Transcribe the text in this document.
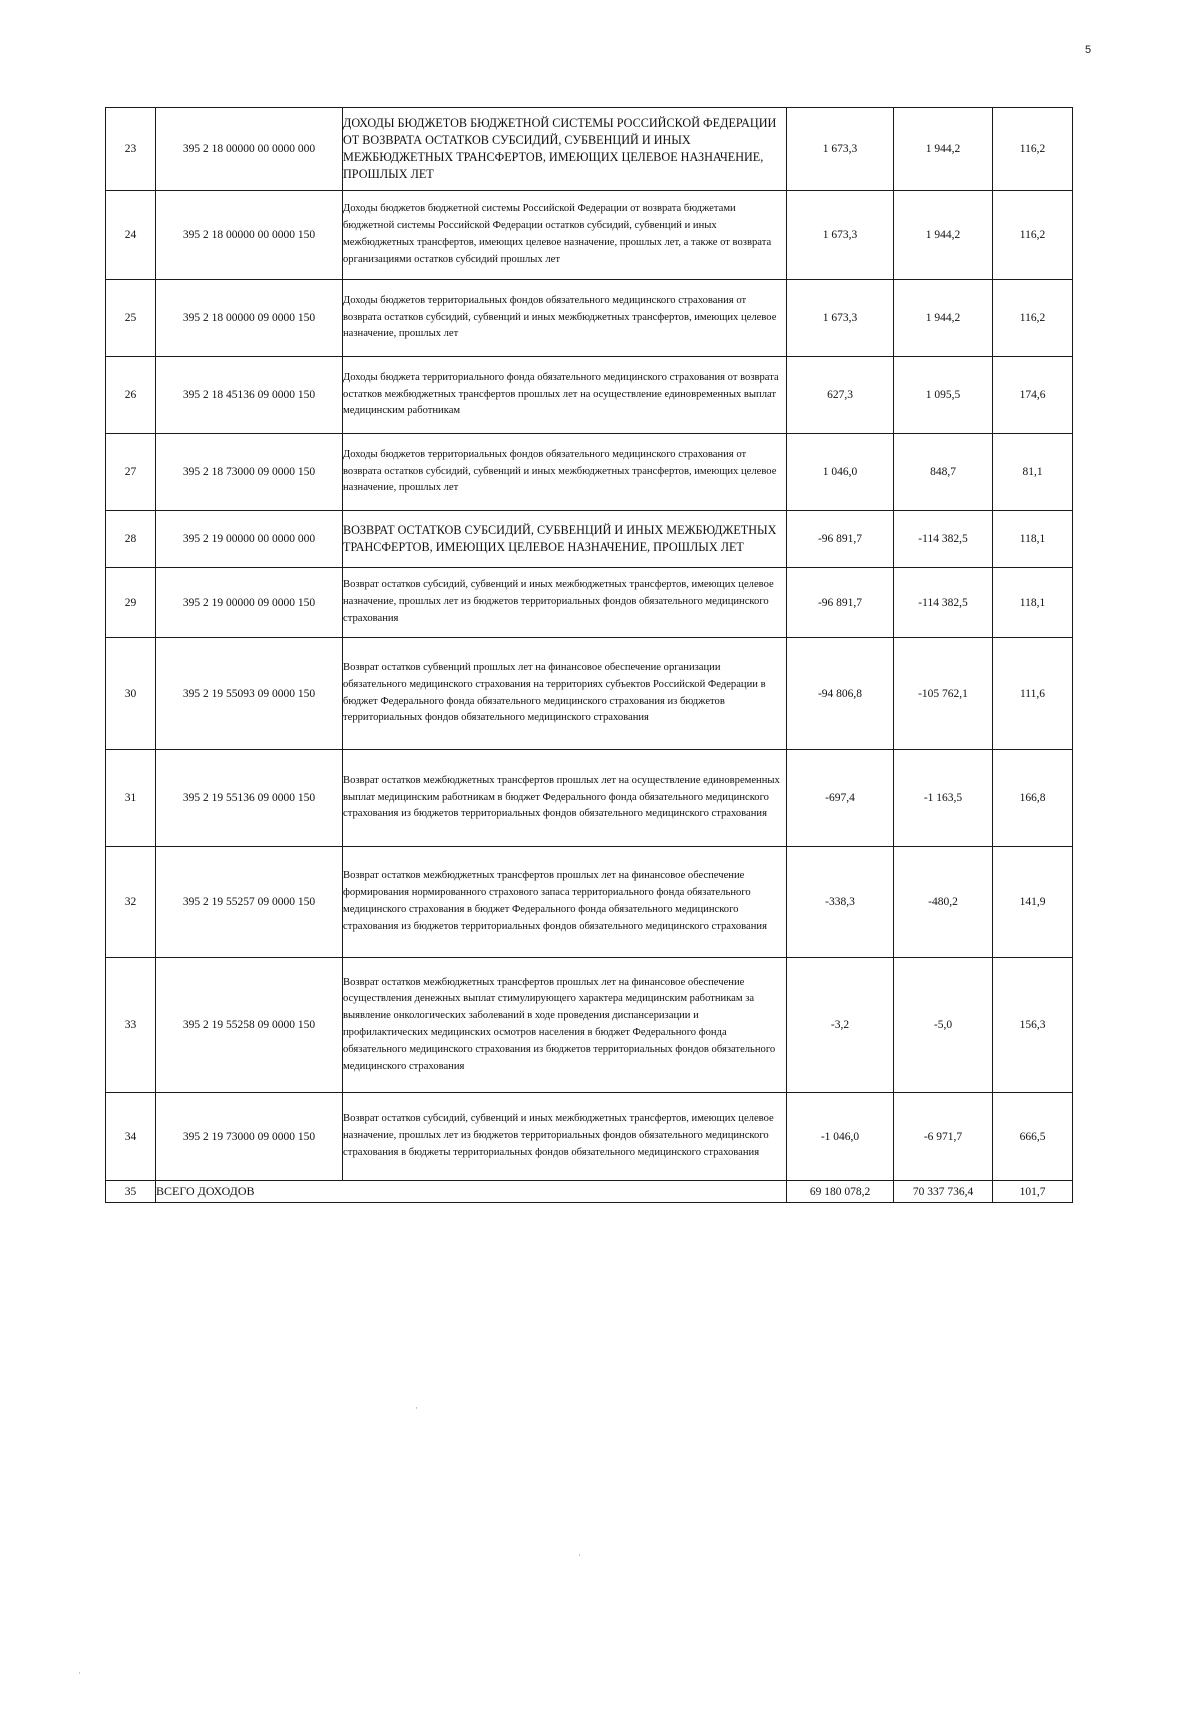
5
23	395 2 18 00000 00 0000 000	ДОХОДЫ БЮДЖЕТОВ БЮДЖЕТНОЙ СИСТЕМЫ РОССИЙСКОЙ ФЕДЕРАЦИИ ОТ ВОЗВРАТА ОСТАТКОВ СУБСИДИЙ, СУБВЕНЦИЙ И ИНЫХ МЕЖБЮДЖЕТНЫХ ТРАНСФЕРТОВ, ИМЕЮЩИХ ЦЕЛЕВОЕ НАЗНАЧЕНИЕ, ПРОШЛЫХ ЛЕТ	1 673,3	1 944,2	116,2
24	395 2 18 00000 00 0000 150	Доходы бюджетов бюджетной системы Российской Федерации от возврата бюджетами бюджетной системы Российской Федерации остатков субсидий, субвенций и иных межбюджетных трансфертов, имеющих целевое назначение, прошлых лет, а также от возврата организациями остатков субсидий прошлых лет	1 673,3	1 944,2	116,2
25	395 2 18 00000 09 0000 150	Доходы бюджетов территориальных фондов обязательного медицинского страхования от возврата остатков субсидий, субвенций и иных межбюджетных трансфертов, имеющих целевое назначение, прошлых лет	1 673,3	1 944,2	116,2
26	395 2 18 45136 09 0000 150	Доходы бюджета территориального фонда обязательного медицинского страхования от возврата остатков межбюджетных трансфертов прошлых лет на осуществление единовременных выплат медицинским работникам	627,3	1 095,5	174,6
27	395 2 18 73000 09 0000 150	Доходы бюджетов территориальных фондов обязательного медицинского страхования от возврата остатков субсидий, субвенций и иных межбюджетных трансфертов, имеющих целевое назначение, прошлых лет	1 046,0	848,7	81,1
28	395 2 19 00000 00 0000 000	ВОЗВРАТ ОСТАТКОВ СУБСИДИЙ, СУБВЕНЦИЙ И ИНЫХ МЕЖБЮДЖЕТНЫХ ТРАНСФЕРТОВ, ИМЕЮЩИХ ЦЕЛЕВОЕ НАЗНАЧЕНИЕ, ПРОШЛЫХ ЛЕТ	-96 891,7	-114 382,5	118,1
29	395 2 19 00000 09 0000 150	Возврат остатков субсидий, субвенций и иных межбюджетных трансфертов, имеющих целевое назначение, прошлых лет из бюджетов территориальных фондов обязательного медицинского страхования	-96 891,7	-114 382,5	118,1
30	395 2 19 55093 09 0000 150	Возврат остатков субвенций прошлых лет на финансовое обеспечение организации обязательного медицинского страхования на территориях субъектов Российской Федерации в бюджет Федерального фонда обязательного медицинского страхования из бюджетов территориальных фондов обязательного медицинского страхования	-94 806,8	-105 762,1	111,6
31	395 2 19 55136 09 0000 150	Возврат остатков межбюджетных трансфертов прошлых лет на осуществление единовременных выплат медицинским работникам в бюджет Федерального фонда обязательного медицинского страхования из бюджетов территориальных фондов обязательного медицинского страхования	-697,4	-1 163,5	166,8
32	395 2 19 55257 09 0000 150	Возврат остатков межбюджетных трансфертов прошлых лет на финансовое обеспечение формирования нормированного страхового запаса территориального фонда обязательного медицинского страхования в бюджет Федерального фонда обязательного медицинского страхования из бюджетов территориальных фондов обязательного медицинского страхования	-338,3	-480,2	141,9
33	395 2 19 55258 09 0000 150	Возврат остатков межбюджетных трансфертов прошлых лет на финансовое обеспечение осуществления денежных выплат стимулирующего характера медицинским работникам за выявление онкологических заболеваний в ходе проведения диспансеризации и профилактических медицинских осмотров населения в бюджет Федерального фонда обязательного медицинского страхования из бюджетов территориальных фондов обязательного медицинского страхования	-3,2	-5,0	156,3
34	395 2 19 73000 09 0000 150	Возврат остатков субсидий, субвенций и иных межбюджетных трансфертов, имеющих целевое назначение, прошлых лет из бюджетов территориальных фондов обязательного медицинского страхования в бюджеты территориальных фондов обязательного медицинского страхования	-1 046,0	-6 971,7	666,5
35	ВСЕГО ДОХОДОВ		69 180 078,2	70 337 736,4	101,7
·
·
·
